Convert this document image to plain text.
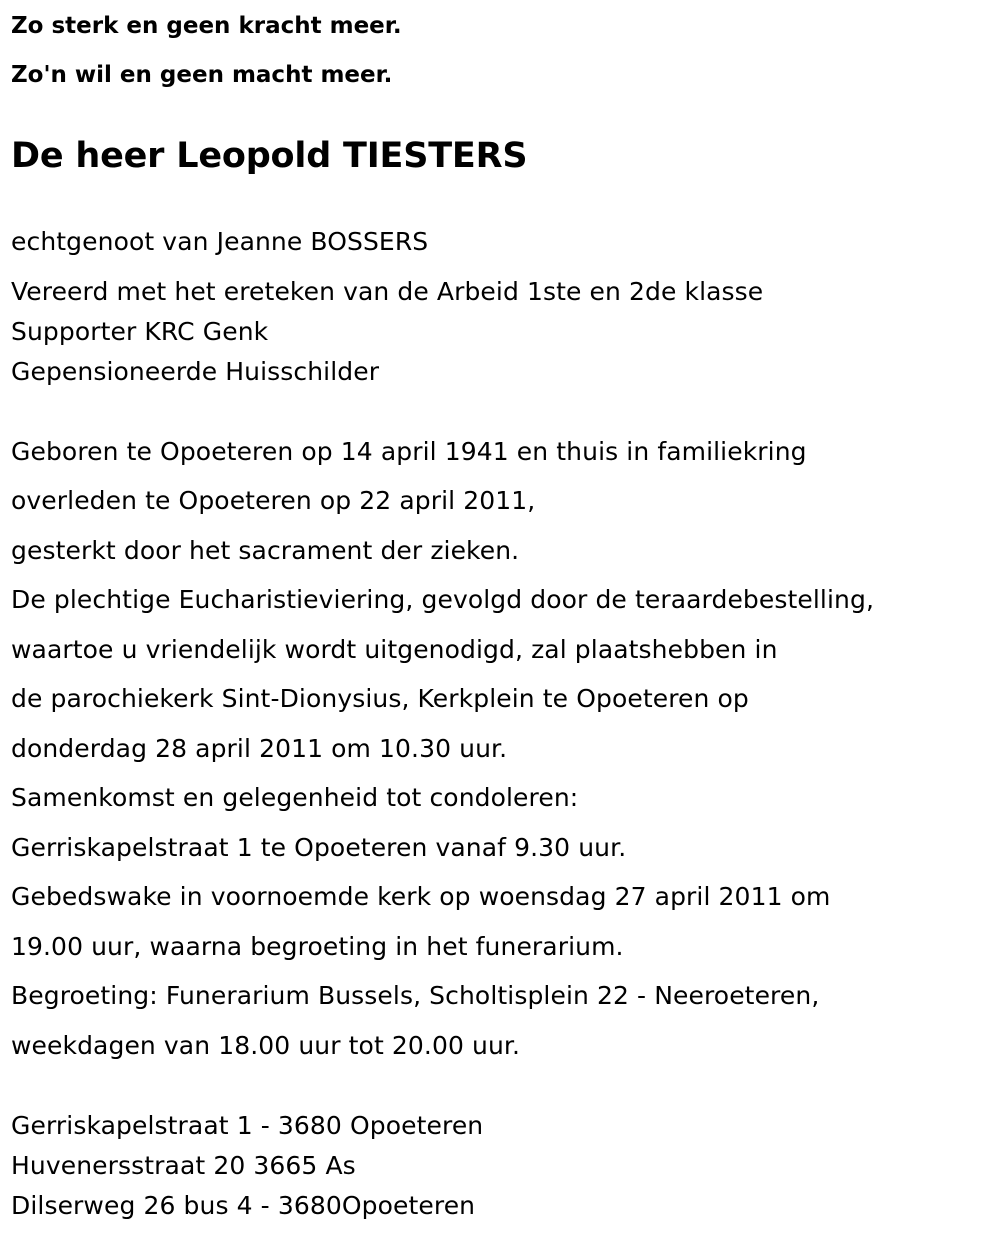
Zo sterk en geen kracht meer.

Zo'n wil en geen macht meer.

De heer Leopold TIESTERS
echtgenoot van Jeanne BOSSERS
Vereerd met het ereteken van de Arbeid 1ste en 2de klasse
Supporter KRC Genk
Gepensioneerde Huisschilder
Geboren te Opoeteren op 14 april 1941 en thuis in familiekring
overleden te Opoeteren op 22 april 2011,
gesterkt door het sacrament der zieken.
De plechtige Eucharistieviering, gevolgd door de teraardebestelling,
waartoe u vriendelijk wordt uitgenodigd, zal plaatshebben in
de parochiekerk Sint-Dionysius, Kerkplein te Opoeteren op
donderdag 28 april 2011 om 10.30 uur.
Samenkomst en gelegenheid tot condoleren:
Gerriskapelstraat 1 te Opoeteren vanaf 9.30 uur.
Gebedswake in voornoemde kerk op woensdag 27 april 2011 om
19.00 uur, waarna begroeting in het funerarium.
Begroeting: Funerarium Bussels, Scholtisplein 22 - Neeroeteren,
weekdagen van 18.00 uur tot 20.00 uur.
Gerriskapelstraat 1 - 3680 Opoeteren
Huvenersstraat 20 3665 As
Dilserweg 26 bus 4 - 3680Opoeteren
